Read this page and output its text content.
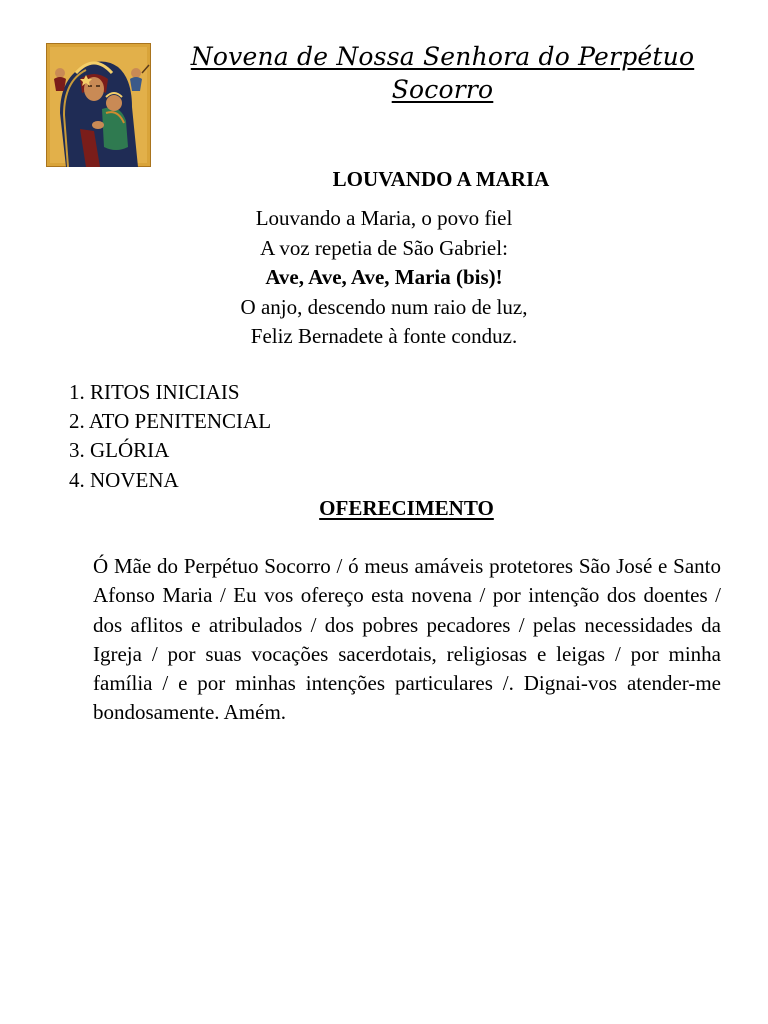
Novena de Nossa Senhora do Perpétuo Socorro
LOUVANDO A MARIA
Louvando a Maria, o povo fiel
A voz repetia de São Gabriel:
Ave, Ave, Ave, Maria (bis)!
O anjo, descendo num raio de luz,
Feliz Bernadete à fonte conduz.
1. RITOS INICIAIS
2. ATO PENITENCIAL
3. GLÓRIA
4. NOVENA
OFERECIMENTO

Ó Mãe do Perpétuo Socorro / ó meus amáveis protetores São José e Santo Afonso Maria / Eu vos ofereço esta novena / por intenção dos doentes / dos aflitos e atribulados / dos pobres pecadores / pelas necessidades da Igreja / por suas vocações sacerdotais, religiosas e leigas / por minha família / e por minhas intenções particulares /. Dignai-vos atender-me bondosamente. Amém.
